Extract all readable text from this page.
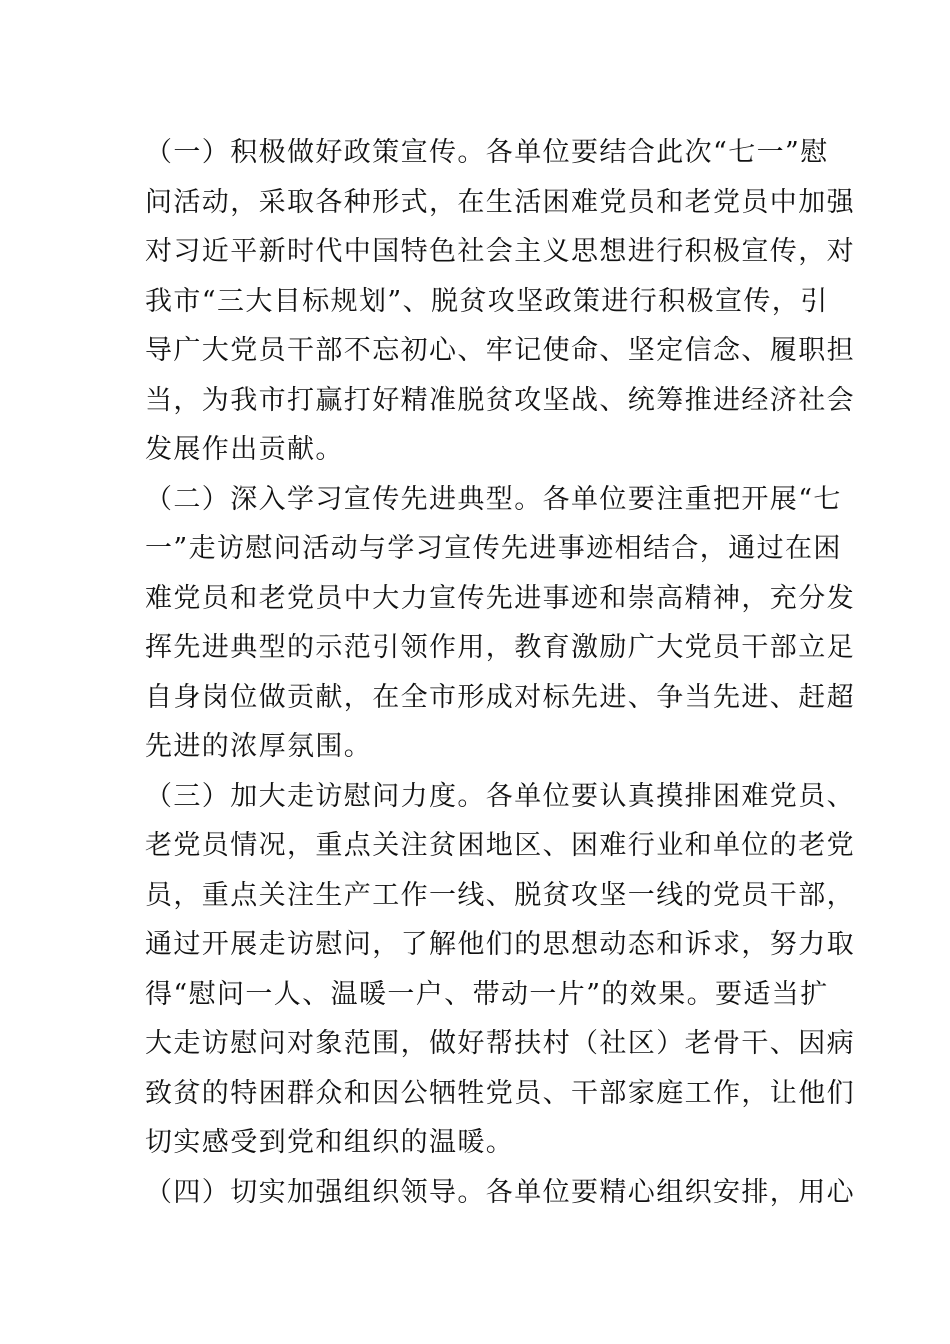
（一）积极做好政策宣传。各单位要结合此次“七一”慰
问活动，采取各种形式，在生活困难党员和老党员中加强
对习近平新时代中国特色社会主义思想进行积极宣传，对
我市“三大目标规划”、脱贫攻坚政策进行积极宣传，引
导广大党员干部不忘初心、牢记使命、坚定信念、履职担
当，为我市打赢打好精准脱贫攻坚战、统筹推进经济社会
发展作出贡献。

（二）深入学习宣传先进典型。各单位要注重把开展“七
一”走访慰问活动与学习宣传先进事迹相结合，通过在困
难党员和老党员中大力宣传先进事迹和崇高精神，充分发
挥先进典型的示范引领作用，教育激励广大党员干部立足
自身岗位做贡献，在全市形成对标先进、争当先进、赶超
先进的浓厚氛围。

（三）加大走访慰问力度。各单位要认真摸排困难党员、
老党员情况，重点关注贫困地区、困难行业和单位的老党
员，重点关注生产工作一线、脱贫攻坚一线的党员干部，
通过开展走访慰问，了解他们的思想动态和诉求，努力取
得“慰问一人、温暖一户、带动一片”的效果。要适当扩
大走访慰问对象范围，做好帮扶村（社区）老骨干、因病
致贫的特困群众和因公牺牲党员、干部家庭工作，让他们
切实感受到党和组织的温暖。

（四）切实加强组织领导。各单位要精心组织安排，用心
